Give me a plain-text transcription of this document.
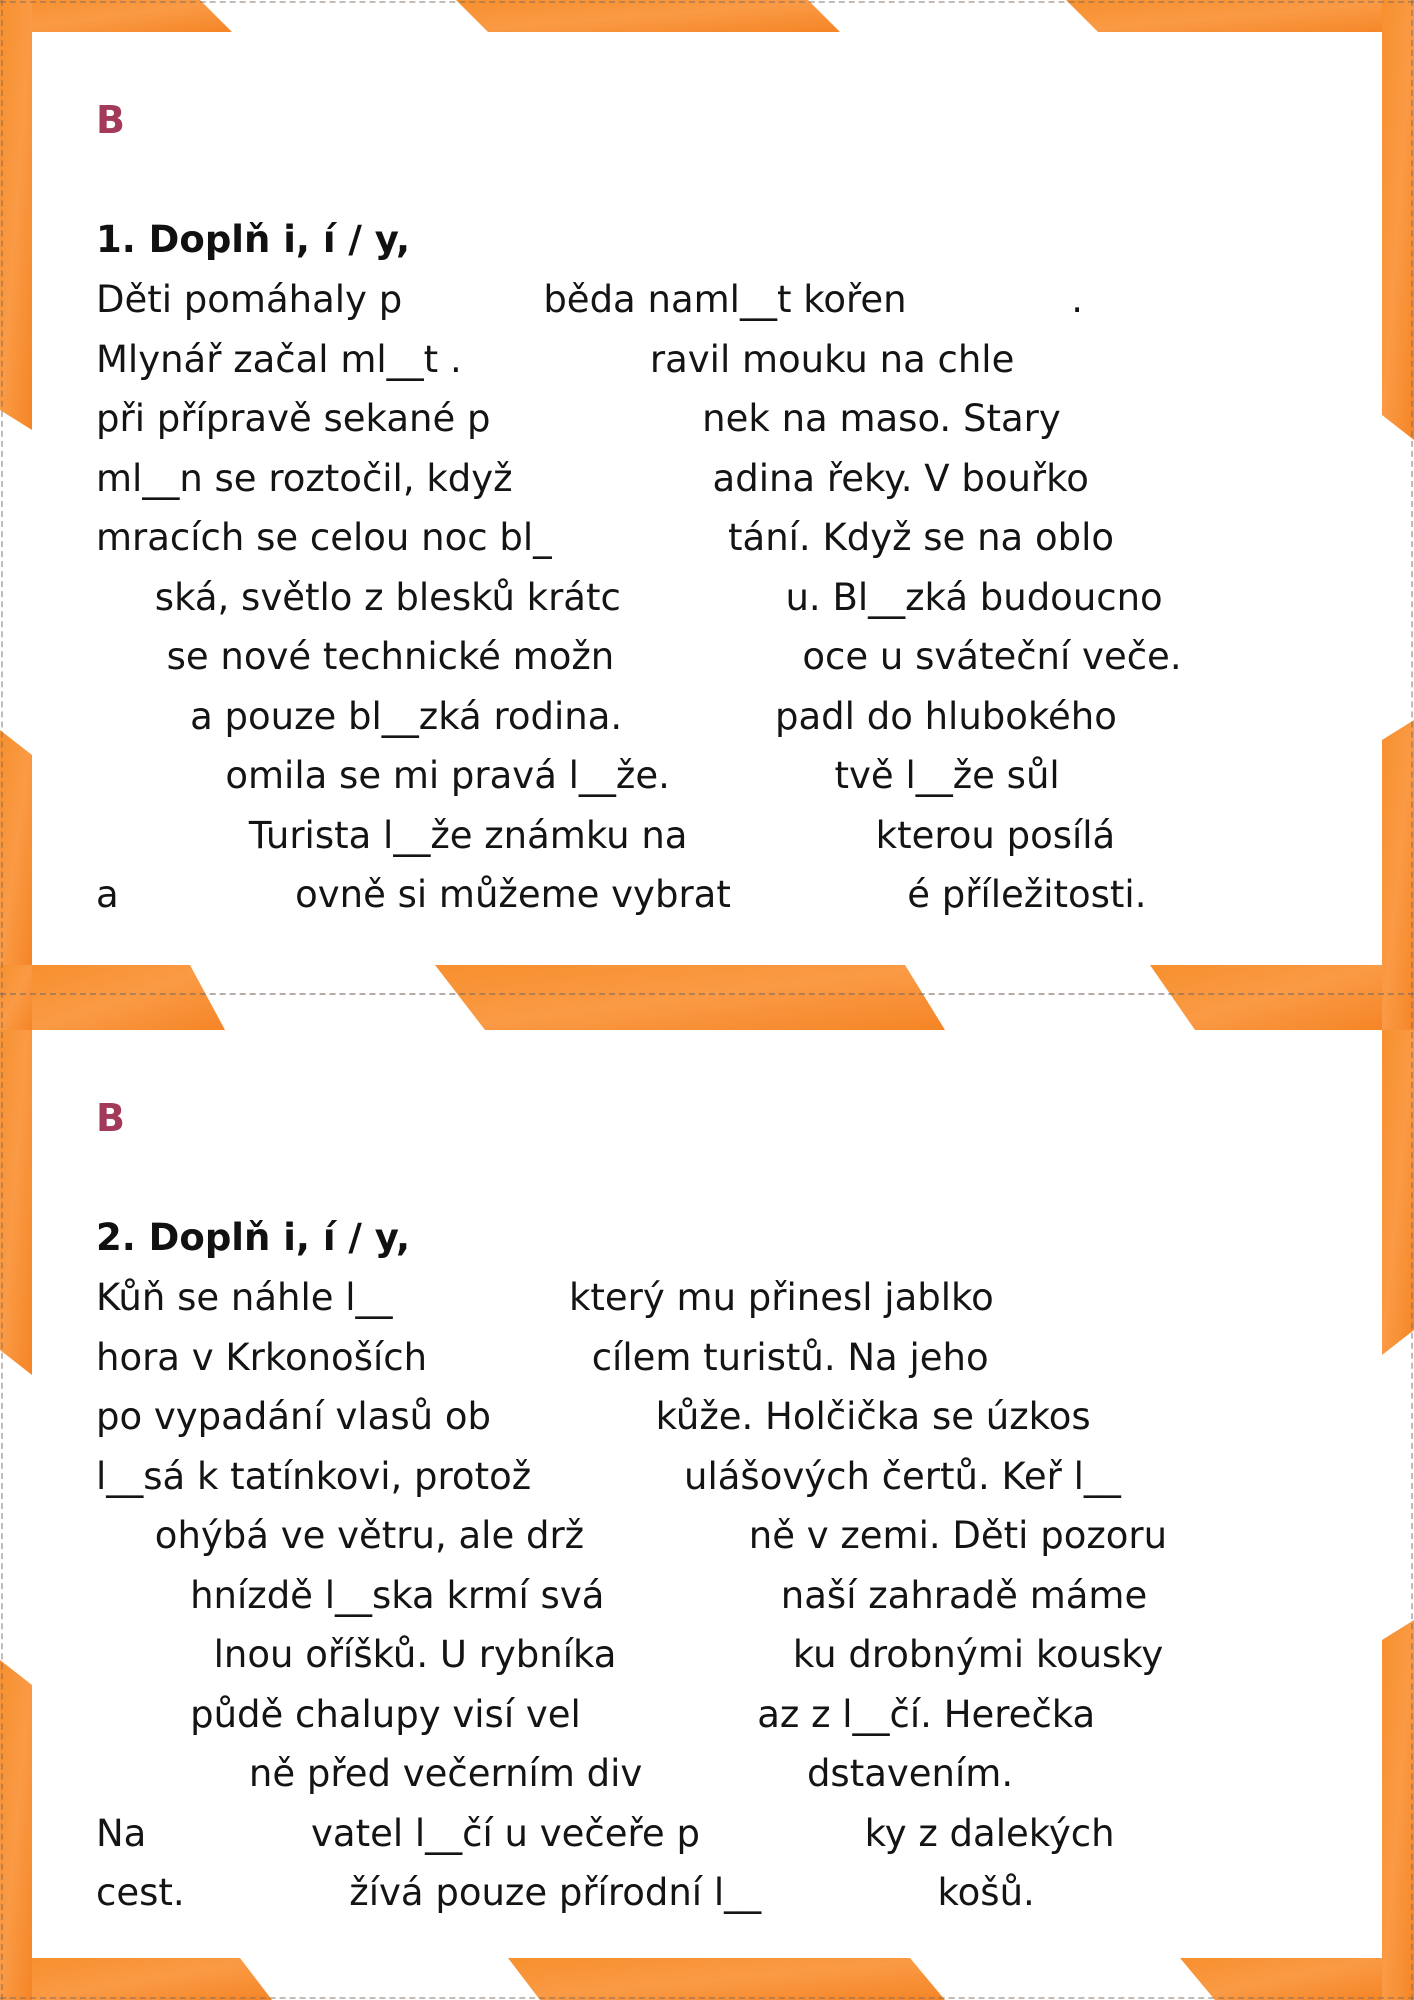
B
1. Doplň i, í / y,
Děti pomáhaly p            běda naml__t kořen              .
Mlynář začal ml__t .                ravil mouku na chle
při přípravě sekané p                  nek na maso. Stary
ml__n se roztočil, když                 adina řeky. V bouřko
mracích se celou noc bl_               tání. Když se na oblo
ská, světlo z blesků krátc              u. Bl__zká budoucno
se nové technické možn                oce u sváteční veče.
a pouze bl__zká rodina.             padl do hlubokého
omila se mi pravá l__že.              tvě l__že sůl
Turista l__že známku na                kterou posílá
a               ovně si můžeme vybrat               é příležitosti.
B
2. Doplň i, í / y,
Kůň se náhle l__               který mu přinesl jablko
hora v Krkonoších              cílem turistů. Na jeho
po vypadání vlasů ob              kůže. Holčička se úzkos
l__sá k tatínkovi, protož             ulášových čertů. Keř l__
ohýbá ve větru, ale drž              ně v zemi. Děti pozoru
hnízdě l__ska krmí svá               naší zahradě máme
lnou oříšků. U rybníka               ku drobnými kousky
půdě chalupy visí vel               az z l__čí. Herečka
ně před večerním div              dstavením.
Na              vatel l__čí u večeře p              ky z dalekých
cest.              žívá pouze přírodní l__               košů.
